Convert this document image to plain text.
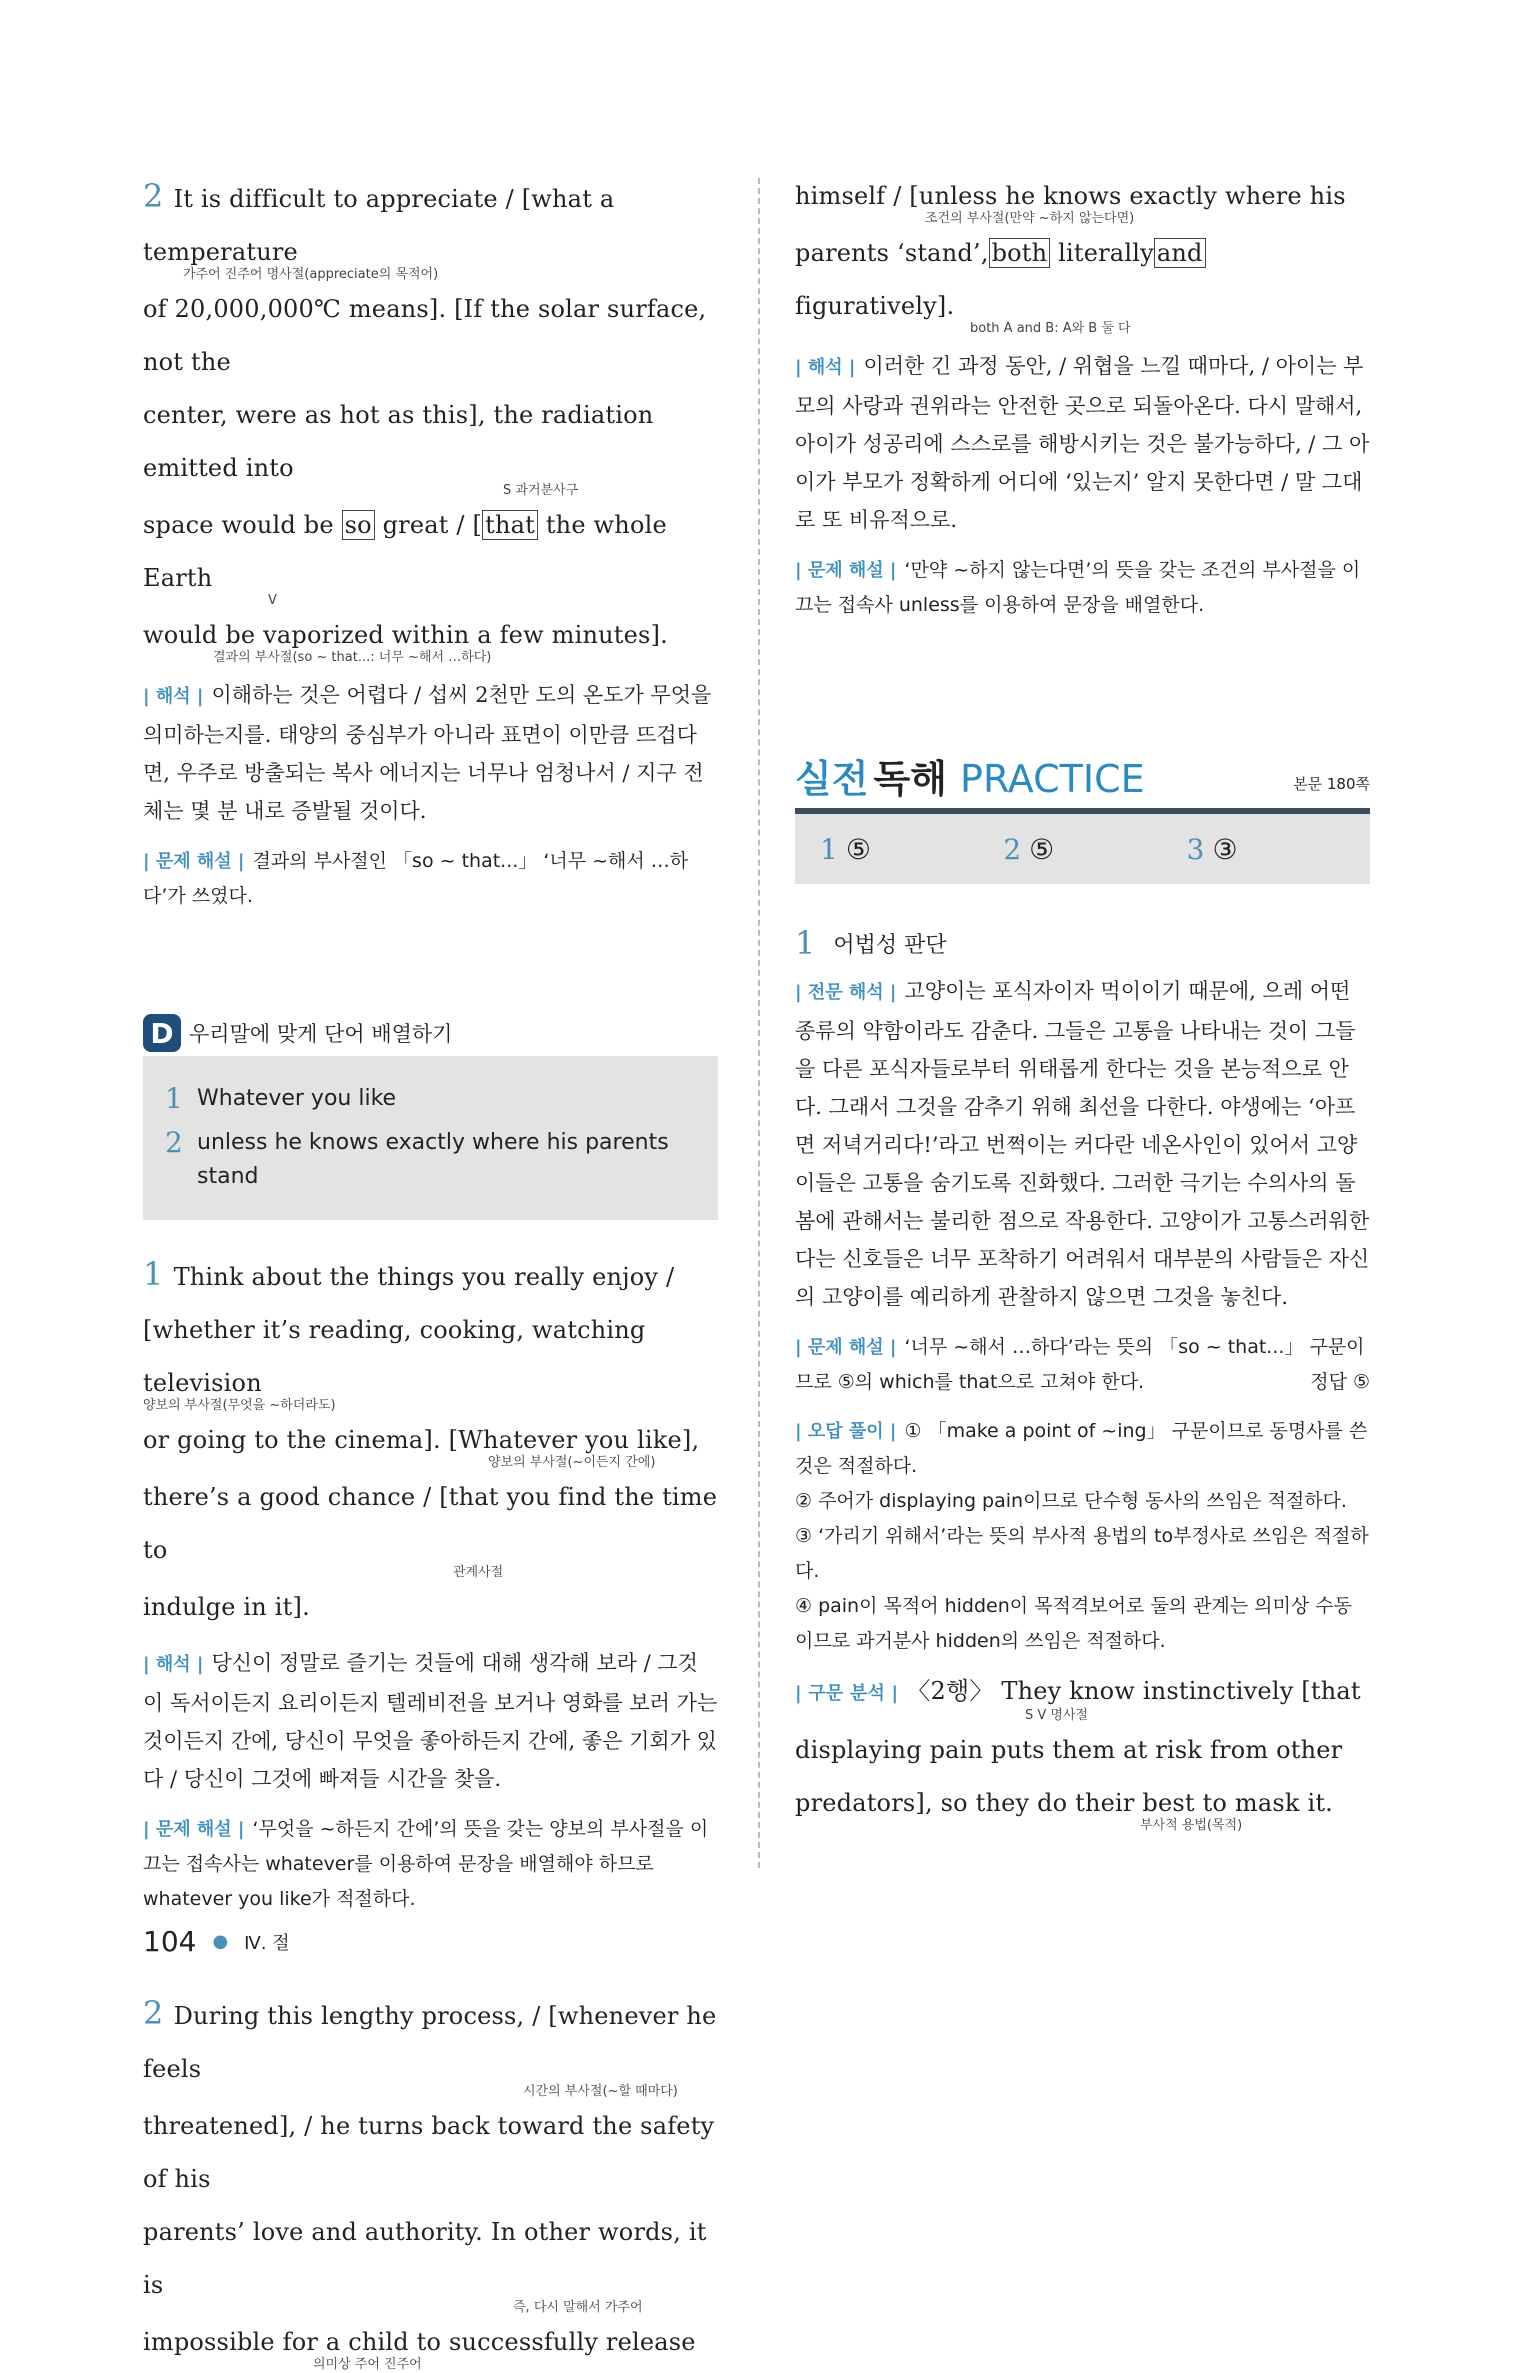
2 It is difficult to appreciate / [what a temperature
가주어 진주어 명사절(appreciate의 목적어)
of 20,000,000℃ means]. [If the solar surface, not the
center, were as hot as this], the radiation emitted into
S 과거분사구
space would be so great / [ that the whole Earth
V
would be vaporized within a few minutes].
결과의 부사절(so ~ that...: 너무 ~해서 …하다)
| 해석 | 이해하는 것은 어렵다 / 섭씨 2천만 도의 온도가 무엇을 의미하는지를. 태양의 중심부가 아니라 표면이 이만큼 뜨겁다면, 우주로 방출되는 복사 에너지는 너무나 엄청나서 / 지구 전체는 몇 분 내로 증발될 것이다.
| 문제 해설 | 결과의 부사절인 「so ~ that...」 ‘너무 ~해서 …하다’가 쓰였다.
D 우리말에 맞게 단어 배열하기
1 Whatever you like
2 unless he knows exactly where his parents stand
1 Think about the things you really enjoy /
[whether it’s reading, cooking, watching television
양보의 부사절(무엇을 ~하더라도)
or going to the cinema]. [Whatever you like],
양보의 부사절(~이든지 간에)
there’s a good chance / [that you find the time to
관계사절
indulge in it].
| 해석 | 당신이 정말로 즐기는 것들에 대해 생각해 보라 / 그것이 독서이든지 요리이든지 텔레비전을 보거나 영화를 보러 가는 것이든지 간에, 당신이 무엇을 좋아하든지 간에, 좋은 기회가 있다 / 당신이 그것에 빠져들 시간을 찾을.
| 문제 해설 | ‘무엇을 ~하든지 간에’의 뜻을 갖는 양보의 부사절을 이끄는 접속사는 whatever를 이용하여 문장을 배열해야 하므로 whatever you like가 적절하다.
2 During this lengthy process, / [whenever he feels
시간의 부사절(~할 때마다)
threatened], / he turns back toward the safety of his
parents’ love and authority. In other words, it is
즉, 다시 말해서 가주어
impossible for a child to successfully release
의미상 주어 진주어
himself / [unless he knows exactly where his
조건의 부사절(만약 ~하지 않는다면)
parents ‘stand’, both literally and figuratively].
both A and B: A와 B 둘 다
| 해석 | 이러한 긴 과정 동안, / 위협을 느낄 때마다, / 아이는 부모의 사랑과 권위라는 안전한 곳으로 되돌아온다. 다시 말해서, 아이가 성공리에 스스로를 해방시키는 것은 불가능하다, / 그 아이가 부모가 정확하게 어디에 ‘있는지’ 알지 못한다면 / 말 그대로 또 비유적으로.
| 문제 해설 | ‘만약 ~하지 않는다면’의 뜻을 갖는 조건의 부사절을 이끄는 접속사 unless를 이용하여 문장을 배열한다.
실전 독해 PRACTICE	본문 180쪽
1 ⑤	2 ⑤	3 ③
1 어법성 판단
| 전문 해석 | 고양이는 포식자이자 먹이이기 때문에, 으레 어떤 종류의 약함이라도 감춘다. 그들은 고통을 나타내는 것이 그들을 다른 포식자들로부터 위태롭게 한다는 것을 본능적으로 안다. 그래서 그것을 감추기 위해 최선을 다한다. 야생에는 ‘아프면 저녁거리다!’라고 번쩍이는 커다란 네온사인이 있어서 고양이들은 고통을 숨기도록 진화했다. 그러한 극기는 수의사의 돌봄에 관해서는 불리한 점으로 작용한다. 고양이가 고통스러워한다는 신호들은 너무 포착하기 어려워서 대부분의 사람들은 자신의 고양이를 예리하게 관찰하지 않으면 그것을 놓친다.
| 문제 해설 | ‘너무 ~해서 …하다’라는 뜻의 「so ~ that...」 구문이므로 ⑤의 which를 that으로 고쳐야 한다.	정답 ⑤
| 오답 풀이 | ① 「make a point of ~ing」 구문이므로 동명사를 쓴 것은 적절하다.
② 주어가 displaying pain이므로 단수형 동사의 쓰임은 적절하다.
③ ‘가리기 위해서’라는 뜻의 부사적 용법의 to부정사로 쓰임은 적절하다.
④ pain이 목적어 hidden이 목적격보어로 둘의 관계는 의미상 수동이므로 과거분사 hidden의 쓰임은 적절하다.
| 구문 분석 | 〈2행〉 They know instinctively [that
S V 명사절
displaying pain puts them at risk from other
predators], so they do their best to mask it.
부사적 용법(목적)
104 ● Ⅳ. 절
